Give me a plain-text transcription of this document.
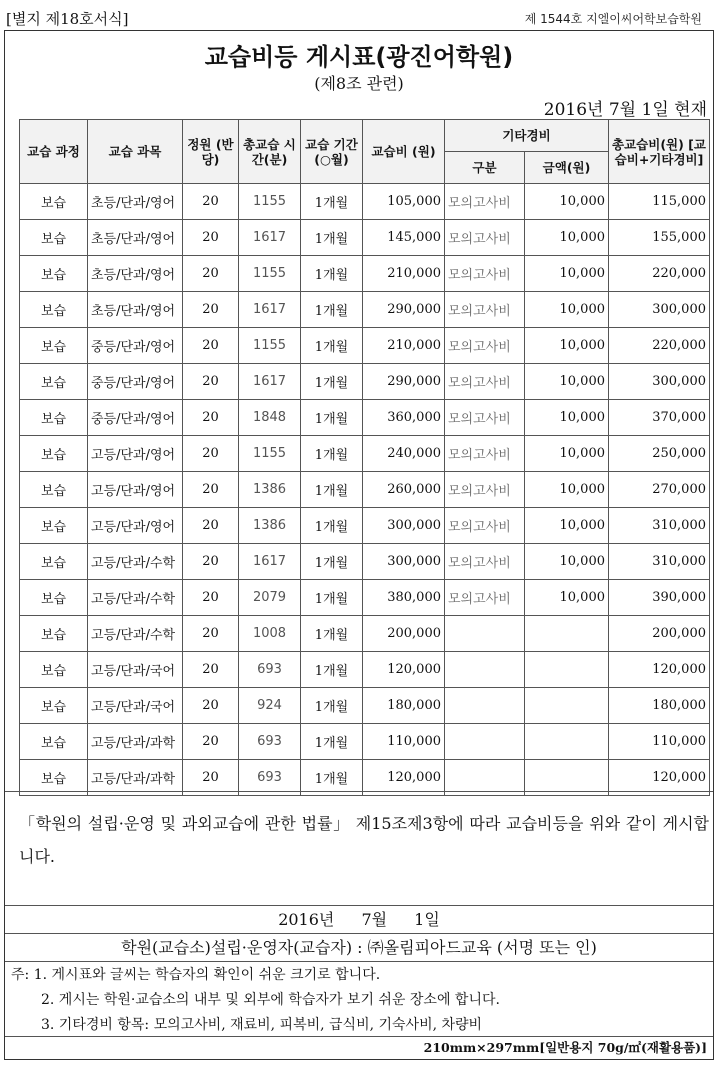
[별지 제18호서식]	제 1544호 지엘이씨어학보습학원
교습비등 게시표(광진어학원)
(제8조 관련)
2016년 7월 1일 현재
교습 과정	교습 과목	정원 (반당)	총교습 시간(분)	교습 기간 (○월)	교습비 (원)	기타경비		총교습비(원) [교습비+기타경비]
						구분	금액(원)	
보습	초등/단과/영어	20	1155	1개월	105,000	모의고사비	10,000	115,000
보습	초등/단과/영어	20	1617	1개월	145,000	모의고사비	10,000	155,000
보습	초등/단과/영어	20	1155	1개월	210,000	모의고사비	10,000	220,000
보습	초등/단과/영어	20	1617	1개월	290,000	모의고사비	10,000	300,000
보습	중등/단과/영어	20	1155	1개월	210,000	모의고사비	10,000	220,000
보습	중등/단과/영어	20	1617	1개월	290,000	모의고사비	10,000	300,000
보습	중등/단과/영어	20	1848	1개월	360,000	모의고사비	10,000	370,000
보습	고등/단과/영어	20	1155	1개월	240,000	모의고사비	10,000	250,000
보습	고등/단과/영어	20	1386	1개월	260,000	모의고사비	10,000	270,000
보습	고등/단과/영어	20	1386	1개월	300,000	모의고사비	10,000	310,000
보습	고등/단과/수학	20	1617	1개월	300,000	모의고사비	10,000	310,000
보습	고등/단과/수학	20	2079	1개월	380,000	모의고사비	10,000	390,000
보습	고등/단과/수학	20	1008	1개월	200,000			200,000
보습	고등/단과/국어	20	693	1개월	120,000			120,000
보습	고등/단과/국어	20	924	1개월	180,000			180,000
보습	고등/단과/과학	20	693	1개월	110,000			110,000
보습	고등/단과/과학	20	693	1개월	120,000			120,000
「학원의 설립·운영 및 과외교습에 관한 법률」 제15조제3항에 따라 교습비등을 위와 같이 게시합니다.
2016년 7월 1일
학원(교습소)설립·운영자(교습자) : ㈜올림피아드교육 (서명 또는 인)
주: 1. 게시표와 글씨는 학습자의 확인이 쉬운 크기로 합니다.
2. 게시는 학원·교습소의 내부 및 외부에 학습자가 보기 쉬운 장소에 합니다.
3. 기타경비 항목: 모의고사비, 재료비, 피복비, 급식비, 기숙사비, 차량비
210mm×297mm[일반용지 70g/㎡(재활용품)]
